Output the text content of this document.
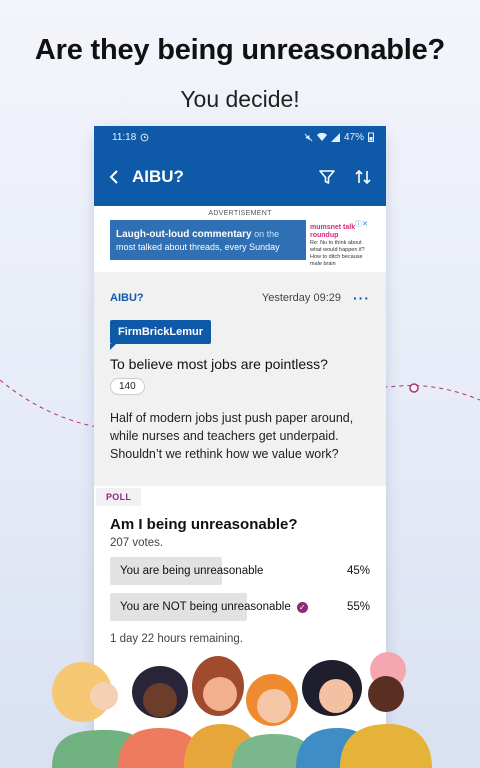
Are they being unreasonable?
You decide!
11:18	47%
AIBU?
ADVERTISEMENT
Laugh-out-loud commentary on the
most talked about threads, every Sunday
ⓘ✕
mumsnet talk roundup
Re: Nu to think about what would happen if? How to ditch because male brain
AIBU?	Yesterday 09:29 ···
FirmBrickLemur
To believe most jobs are pointless?
140
Half of modern jobs just push paper around, while nurses and teachers get underpaid. Shouldn’t we rethink how we value work?
POLL
Am I being unreasonable?
207 votes.
You are being unreasonable	45%
You are NOT being unreasonable ✓	55%
1 day 22 hours remaining.
